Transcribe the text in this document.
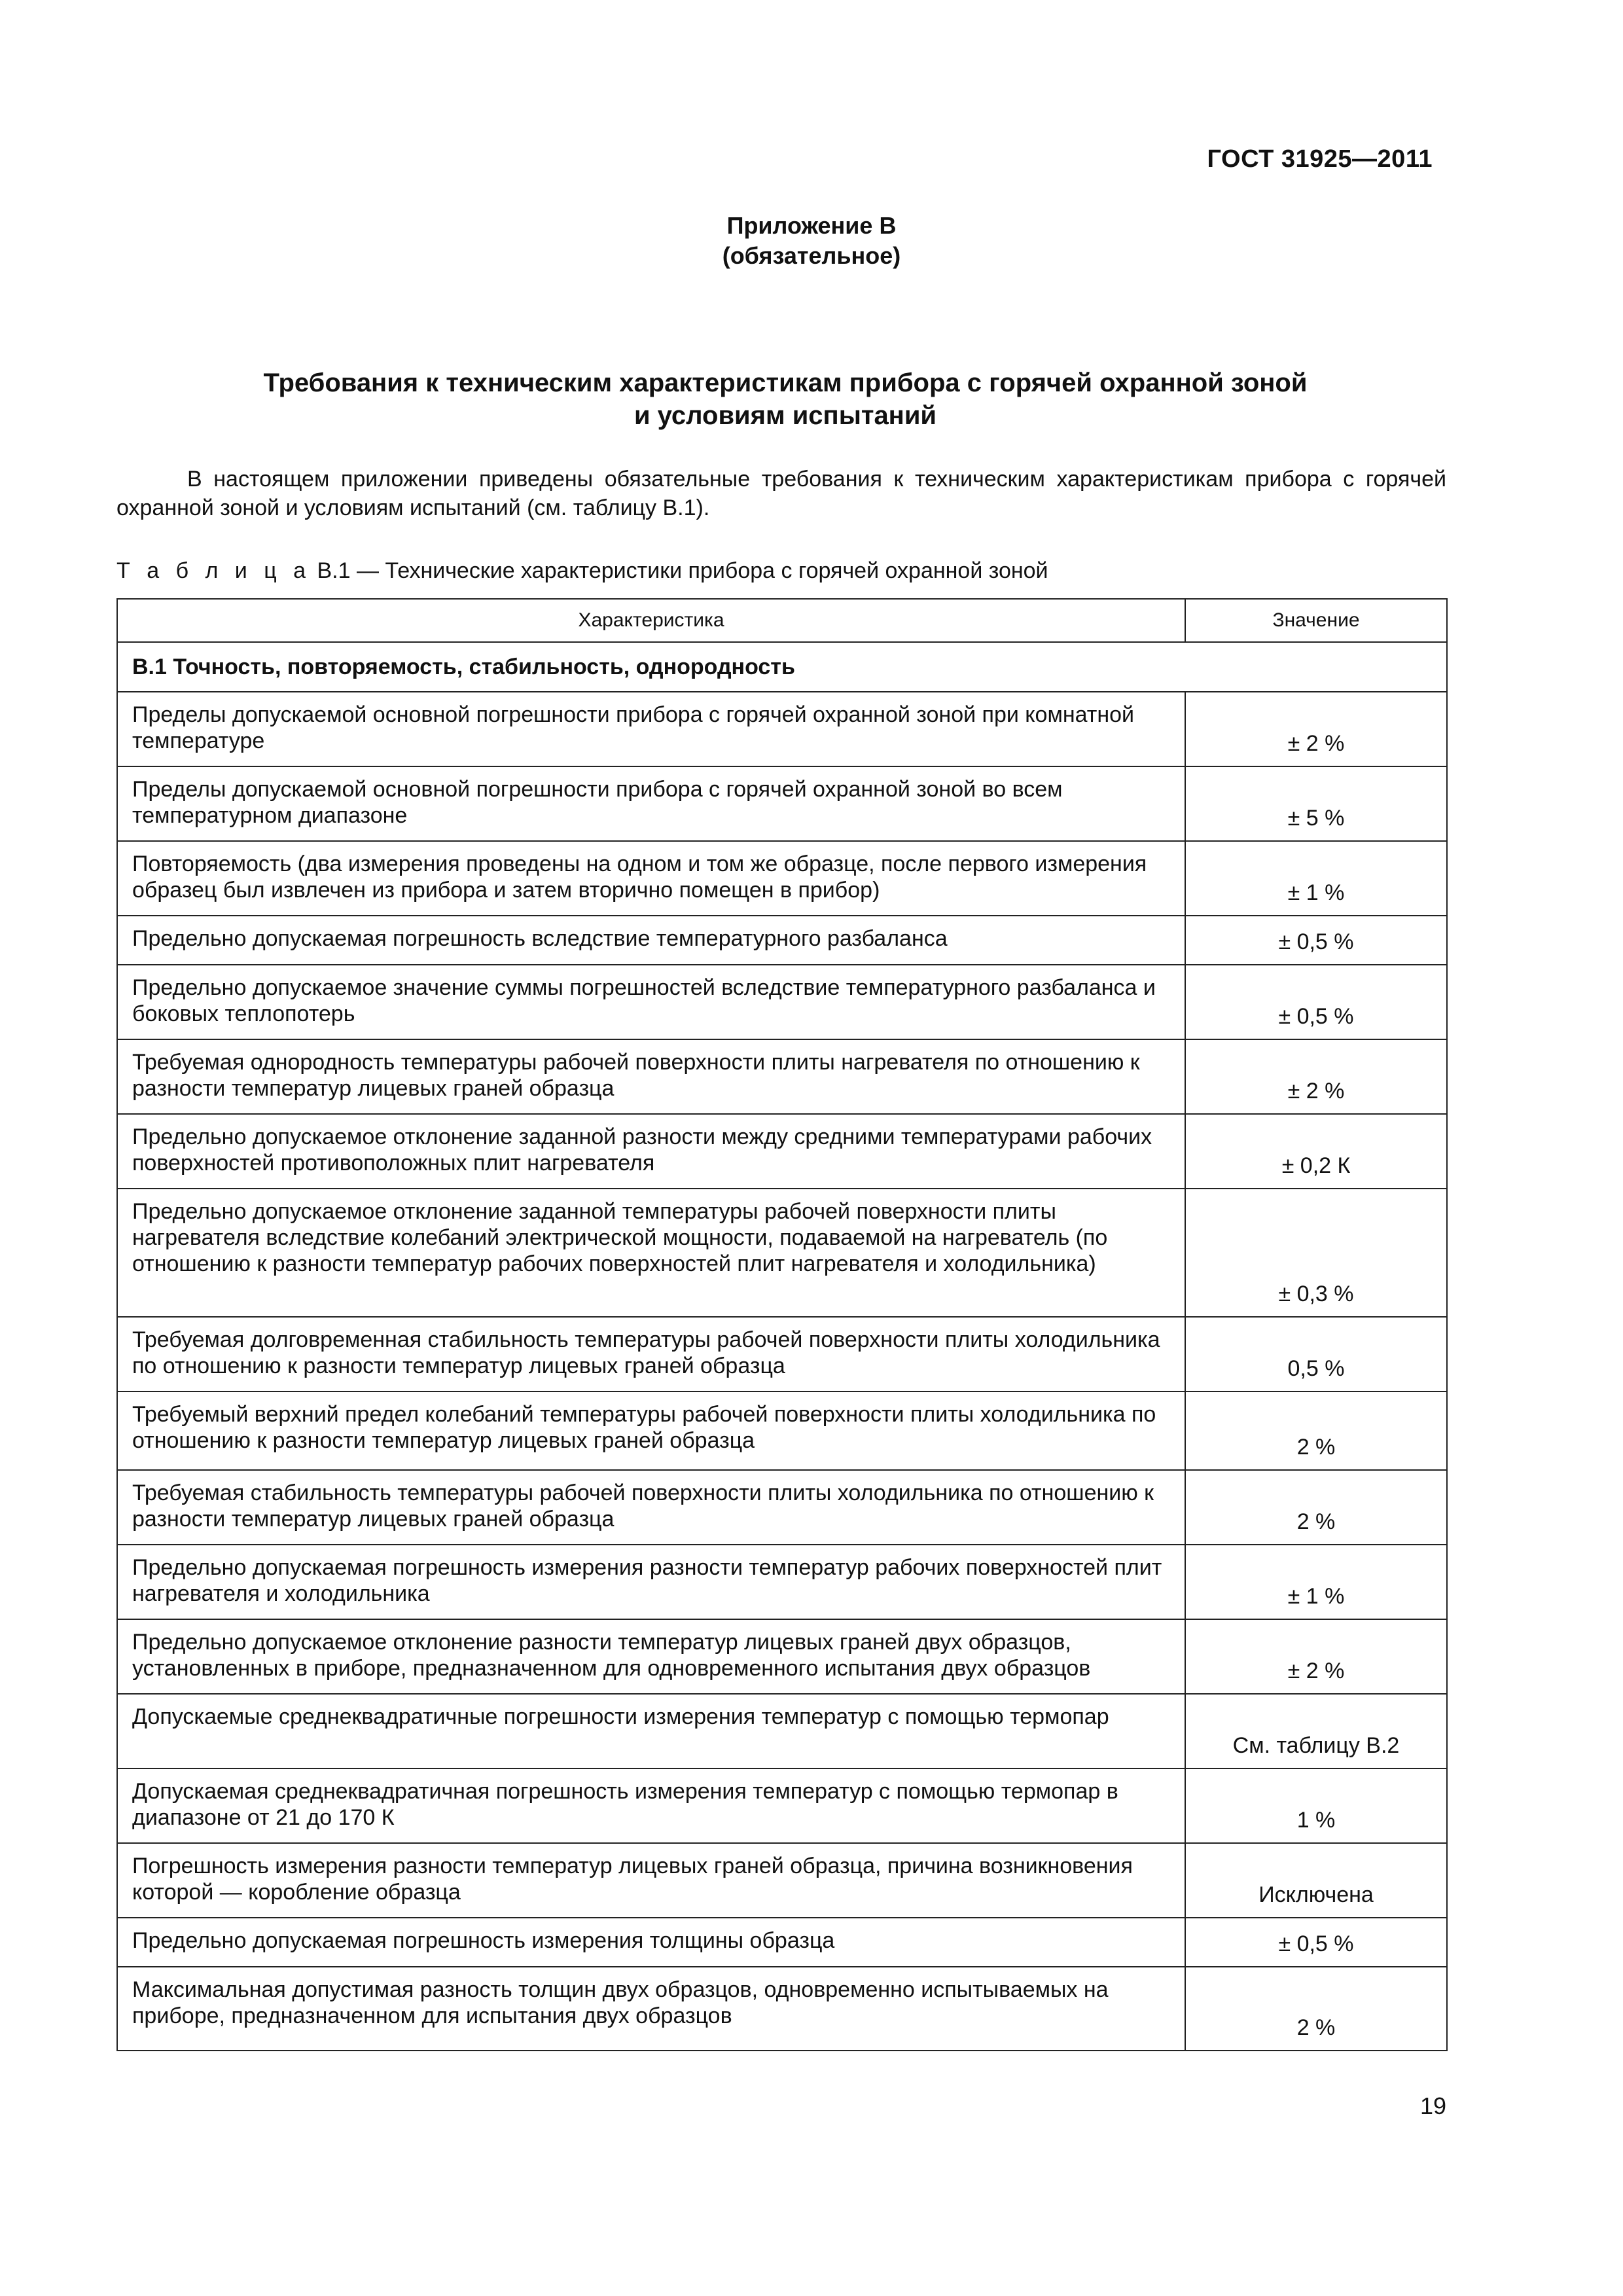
ГОСТ 31925—2011
Приложение В
(обязательное)
Требования к техническим характеристикам прибора с горячей охранной зоной
и условиям испытаний

В настоящем приложении приведены обязательные требования к техническим характеристикам прибора с горячей охранной зоной и условиям испытаний (см. таблицу В.1).

Т а б л и ц а В.1 — Технические характеристики прибора с горячей охранной зоной
Характеристика	Значение
В.1 Точность, повторяемость, стабильность, однородность	
Пределы допускаемой основной погрешности прибора с горячей охранной зоной при комнатной температуре	± 2 %
Пределы допускаемой основной погрешности прибора с горячей охранной зоной во всем температурном диапазоне	± 5 %
Повторяемость (два измерения проведены на одном и том же образце, после первого измерения образец был извлечен из прибора и затем вторично помещен в прибор)	± 1 %
Предельно допускаемая погрешность вследствие температурного разбаланса	± 0,5 %
Предельно допускаемое значение суммы погрешностей вследствие температурного разбаланса и боковых теплопотерь	± 0,5 %
Требуемая однородность температуры рабочей поверхности плиты нагревателя по отношению к разности температур лицевых граней образца	± 2 %
Предельно допускаемое отклонение заданной разности между средними температурами рабочих поверхностей противоположных плит нагревателя	± 0,2 К
Предельно допускаемое отклонение заданной температуры рабочей поверхности плиты нагревателя вследствие колебаний электрической мощности, подаваемой на нагреватель (по отношению к разности температур рабочих поверхностей плит нагревателя и холодильника)	± 0,3 %
Требуемая долговременная стабильность температуры рабочей поверхности плиты холодильника по отношению к разности температур лицевых граней образца	0,5 %
Требуемый верхний предел колебаний температуры рабочей поверхности плиты холодильника по отношению к разности температур лицевых граней образца	2 %
Требуемая стабильность температуры рабочей поверхности плиты холодильника по отношению к разности температур лицевых граней образца	2 %
Предельно допускаемая погрешность измерения разности температур рабочих поверхностей плит нагревателя и холодильника	± 1 %
Предельно допускаемое отклонение разности температур лицевых граней двух образцов, установленных в приборе, предназначенном для одновременного испытания двух образцов	± 2 %
Допускаемые среднеквадратичные погрешности измерения температур с помощью термопар	См. таблицу В.2
Допускаемая среднеквадратичная погрешность измерения температур с помощью термопар в диапазоне от 21 до 170 К	1 %
Погрешность измерения разности температур лицевых граней образца, причина возникновения которой — коробление образца	Исключена
Предельно допускаемая погрешность измерения толщины образца	± 0,5 %
Максимальная допустимая разность толщин двух образцов, одновременно испытываемых на приборе, предназначенном для испытания двух образцов	2 %
19
